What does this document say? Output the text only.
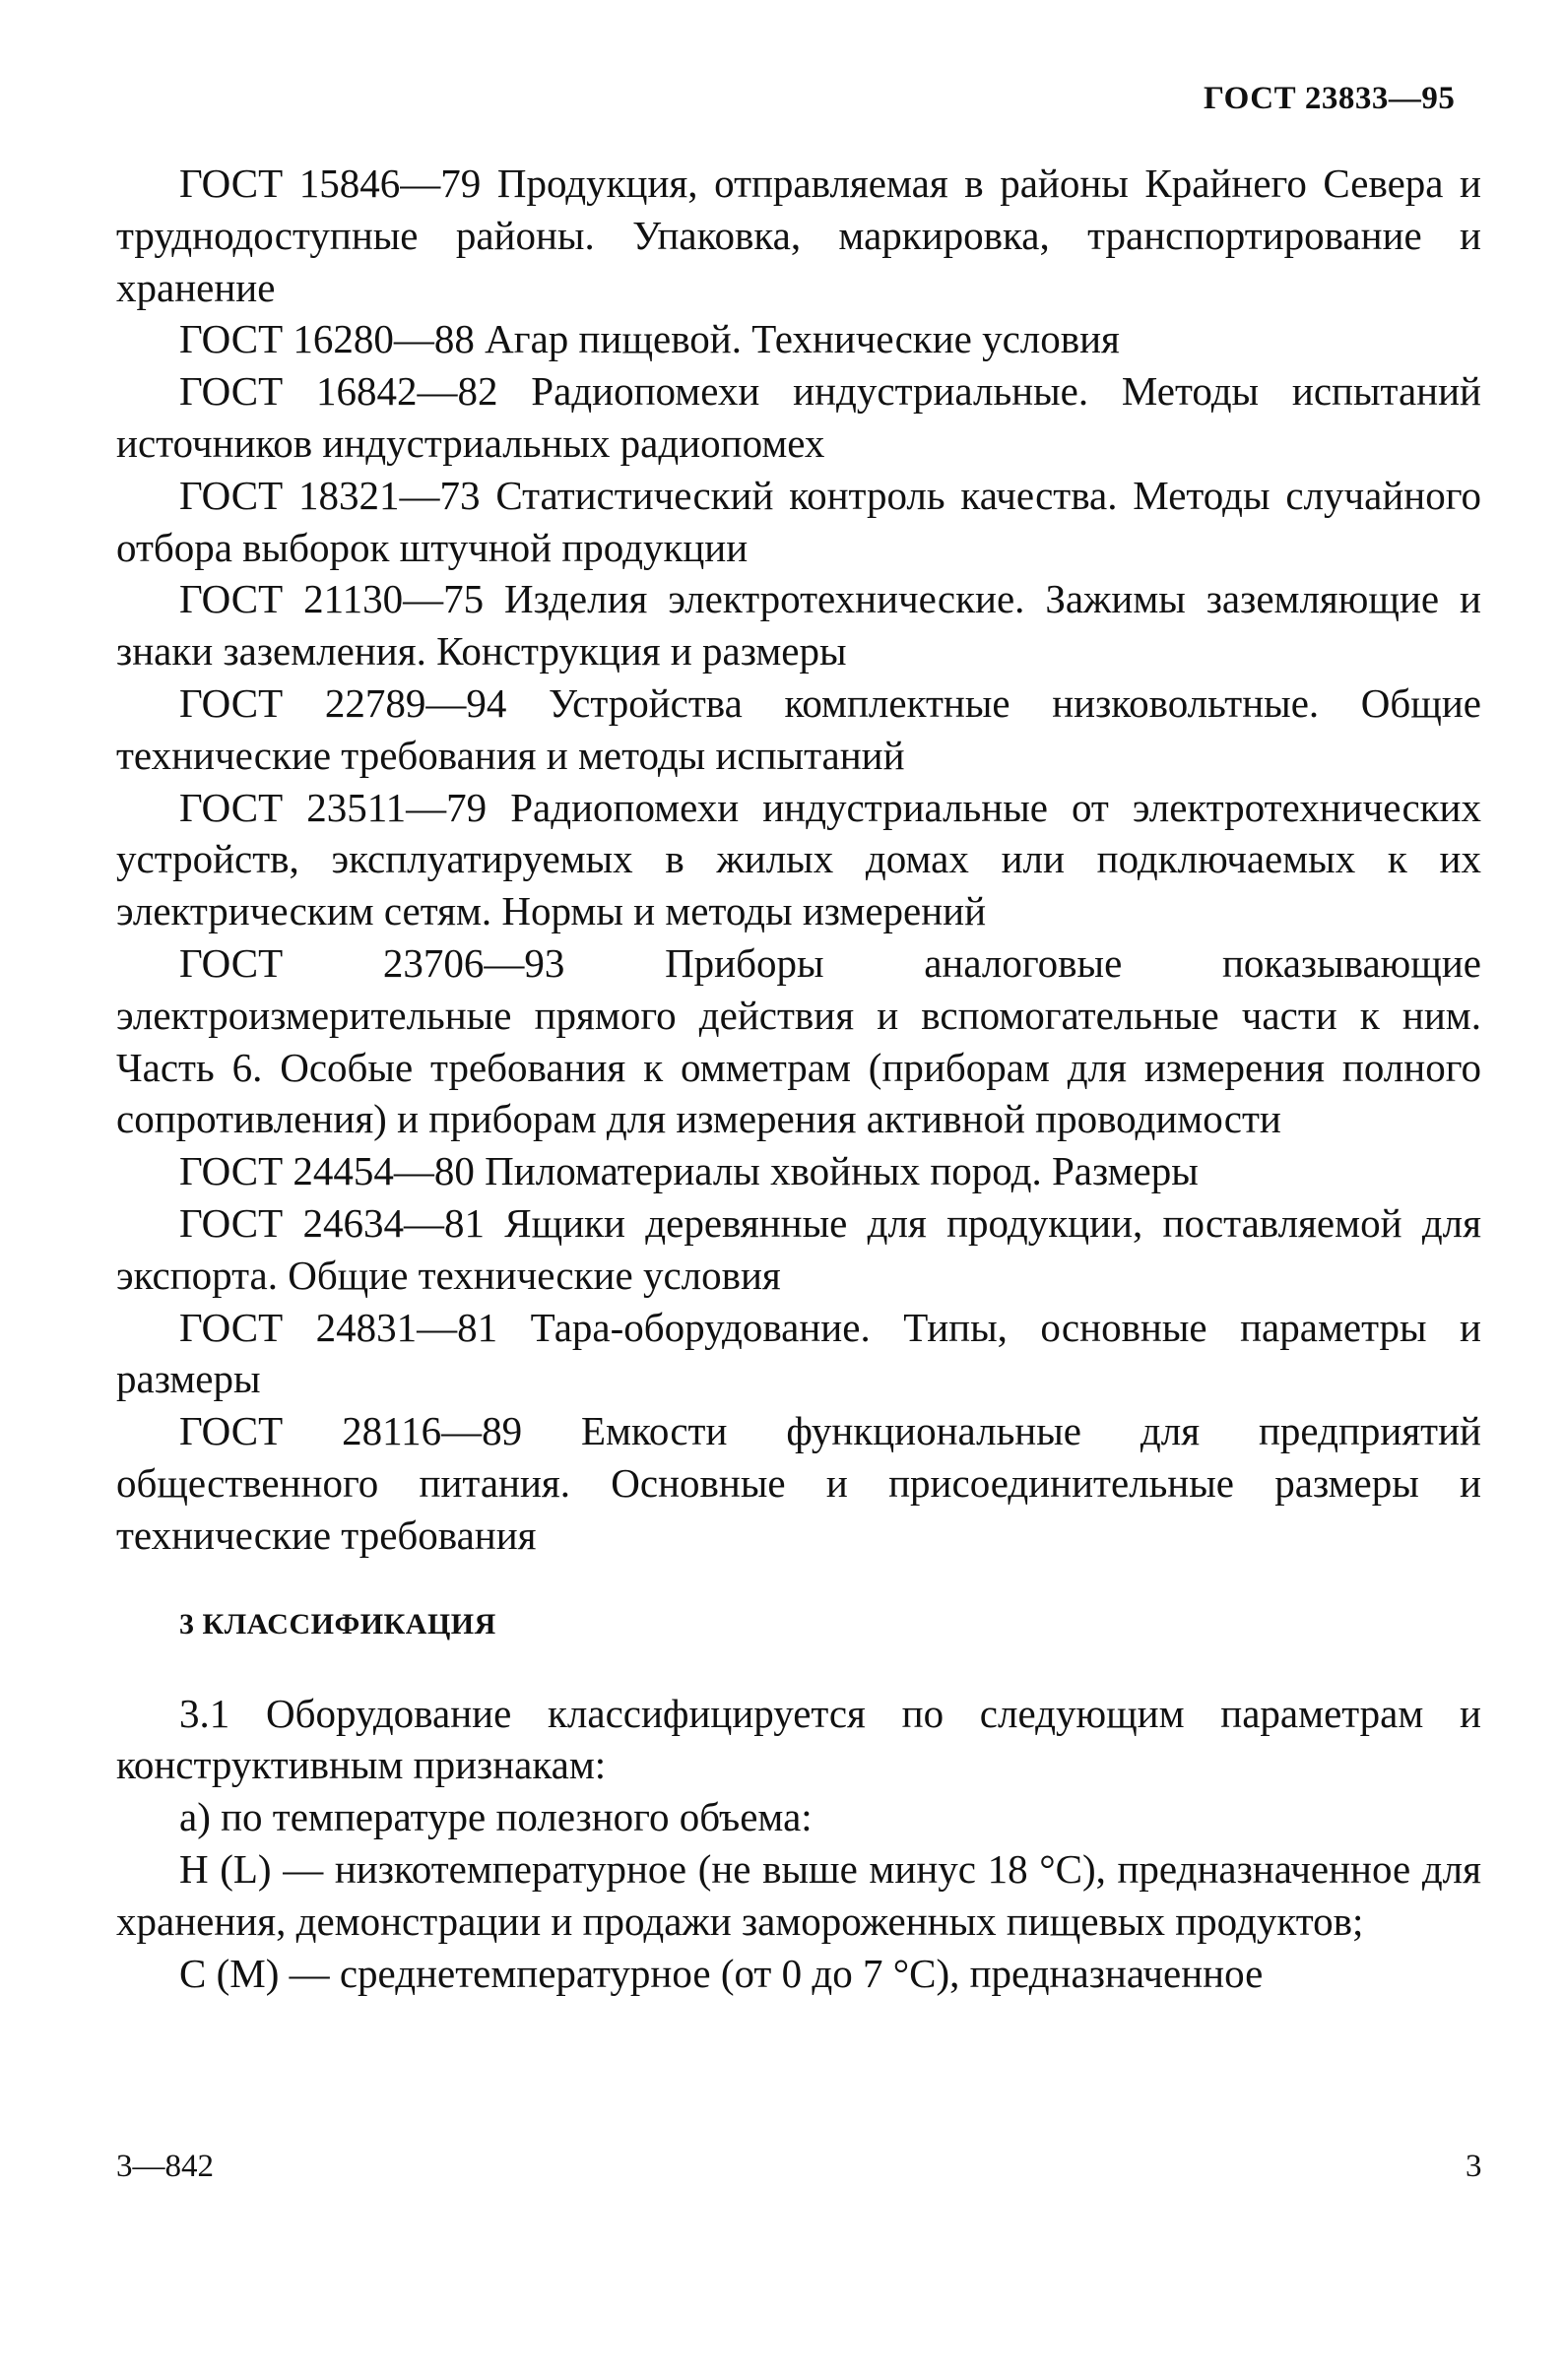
ГОСТ 23833—95

ГОСТ 15846—79 Продукция, отправляемая в районы Крайнего Севера и труднодоступные районы. Упаковка, маркировка, транспортирование и хранение

ГОСТ 16280—88 Агар пищевой. Технические условия

ГОСТ 16842—82 Радиопомехи индустриальные. Методы испытаний источников индустриальных радиопомех

ГОСТ 18321—73 Статистический контроль качества. Методы случайного отбора выборок штучной продукции

ГОСТ 21130—75 Изделия электротехнические. Зажимы заземляющие и знаки заземления. Конструкция и размеры

ГОСТ 22789—94 Устройства комплектные низковольтные. Общие технические требования и методы испытаний

ГОСТ 23511—79 Радиопомехи индустриальные от электротехнических устройств, эксплуатируемых в жилых домах или подключаемых к их электрическим сетям. Нормы и методы измерений

ГОСТ 23706—93 Приборы аналоговые показывающие электроизмерительные прямого действия и вспомогательные части к ним. Часть 6. Особые требования к омметрам (приборам для измерения полного сопротивления) и приборам для измерения активной проводимости

ГОСТ 24454—80 Пиломатериалы хвойных пород. Размеры

ГОСТ 24634—81 Ящики деревянные для продукции, поставляемой для экспорта. Общие технические условия

ГОСТ 24831—81 Тара-оборудование. Типы, основные параметры и размеры

ГОСТ 28116—89 Емкости функциональные для предприятий общественного питания. Основные и присоединительные размеры и технические требования

3 КЛАССИФИКАЦИЯ

3.1 Оборудование классифицируется по следующим параметрам и конструктивным признакам:

а) по температуре полезного объема:

Н (L) — низкотемпературное (не выше минус 18 °С), предназначенное для хранения, демонстрации и продажи замороженных пищевых продуктов;

С (М) — среднетемпературное (от 0 до 7 °С), предназначенное

3—842	3
